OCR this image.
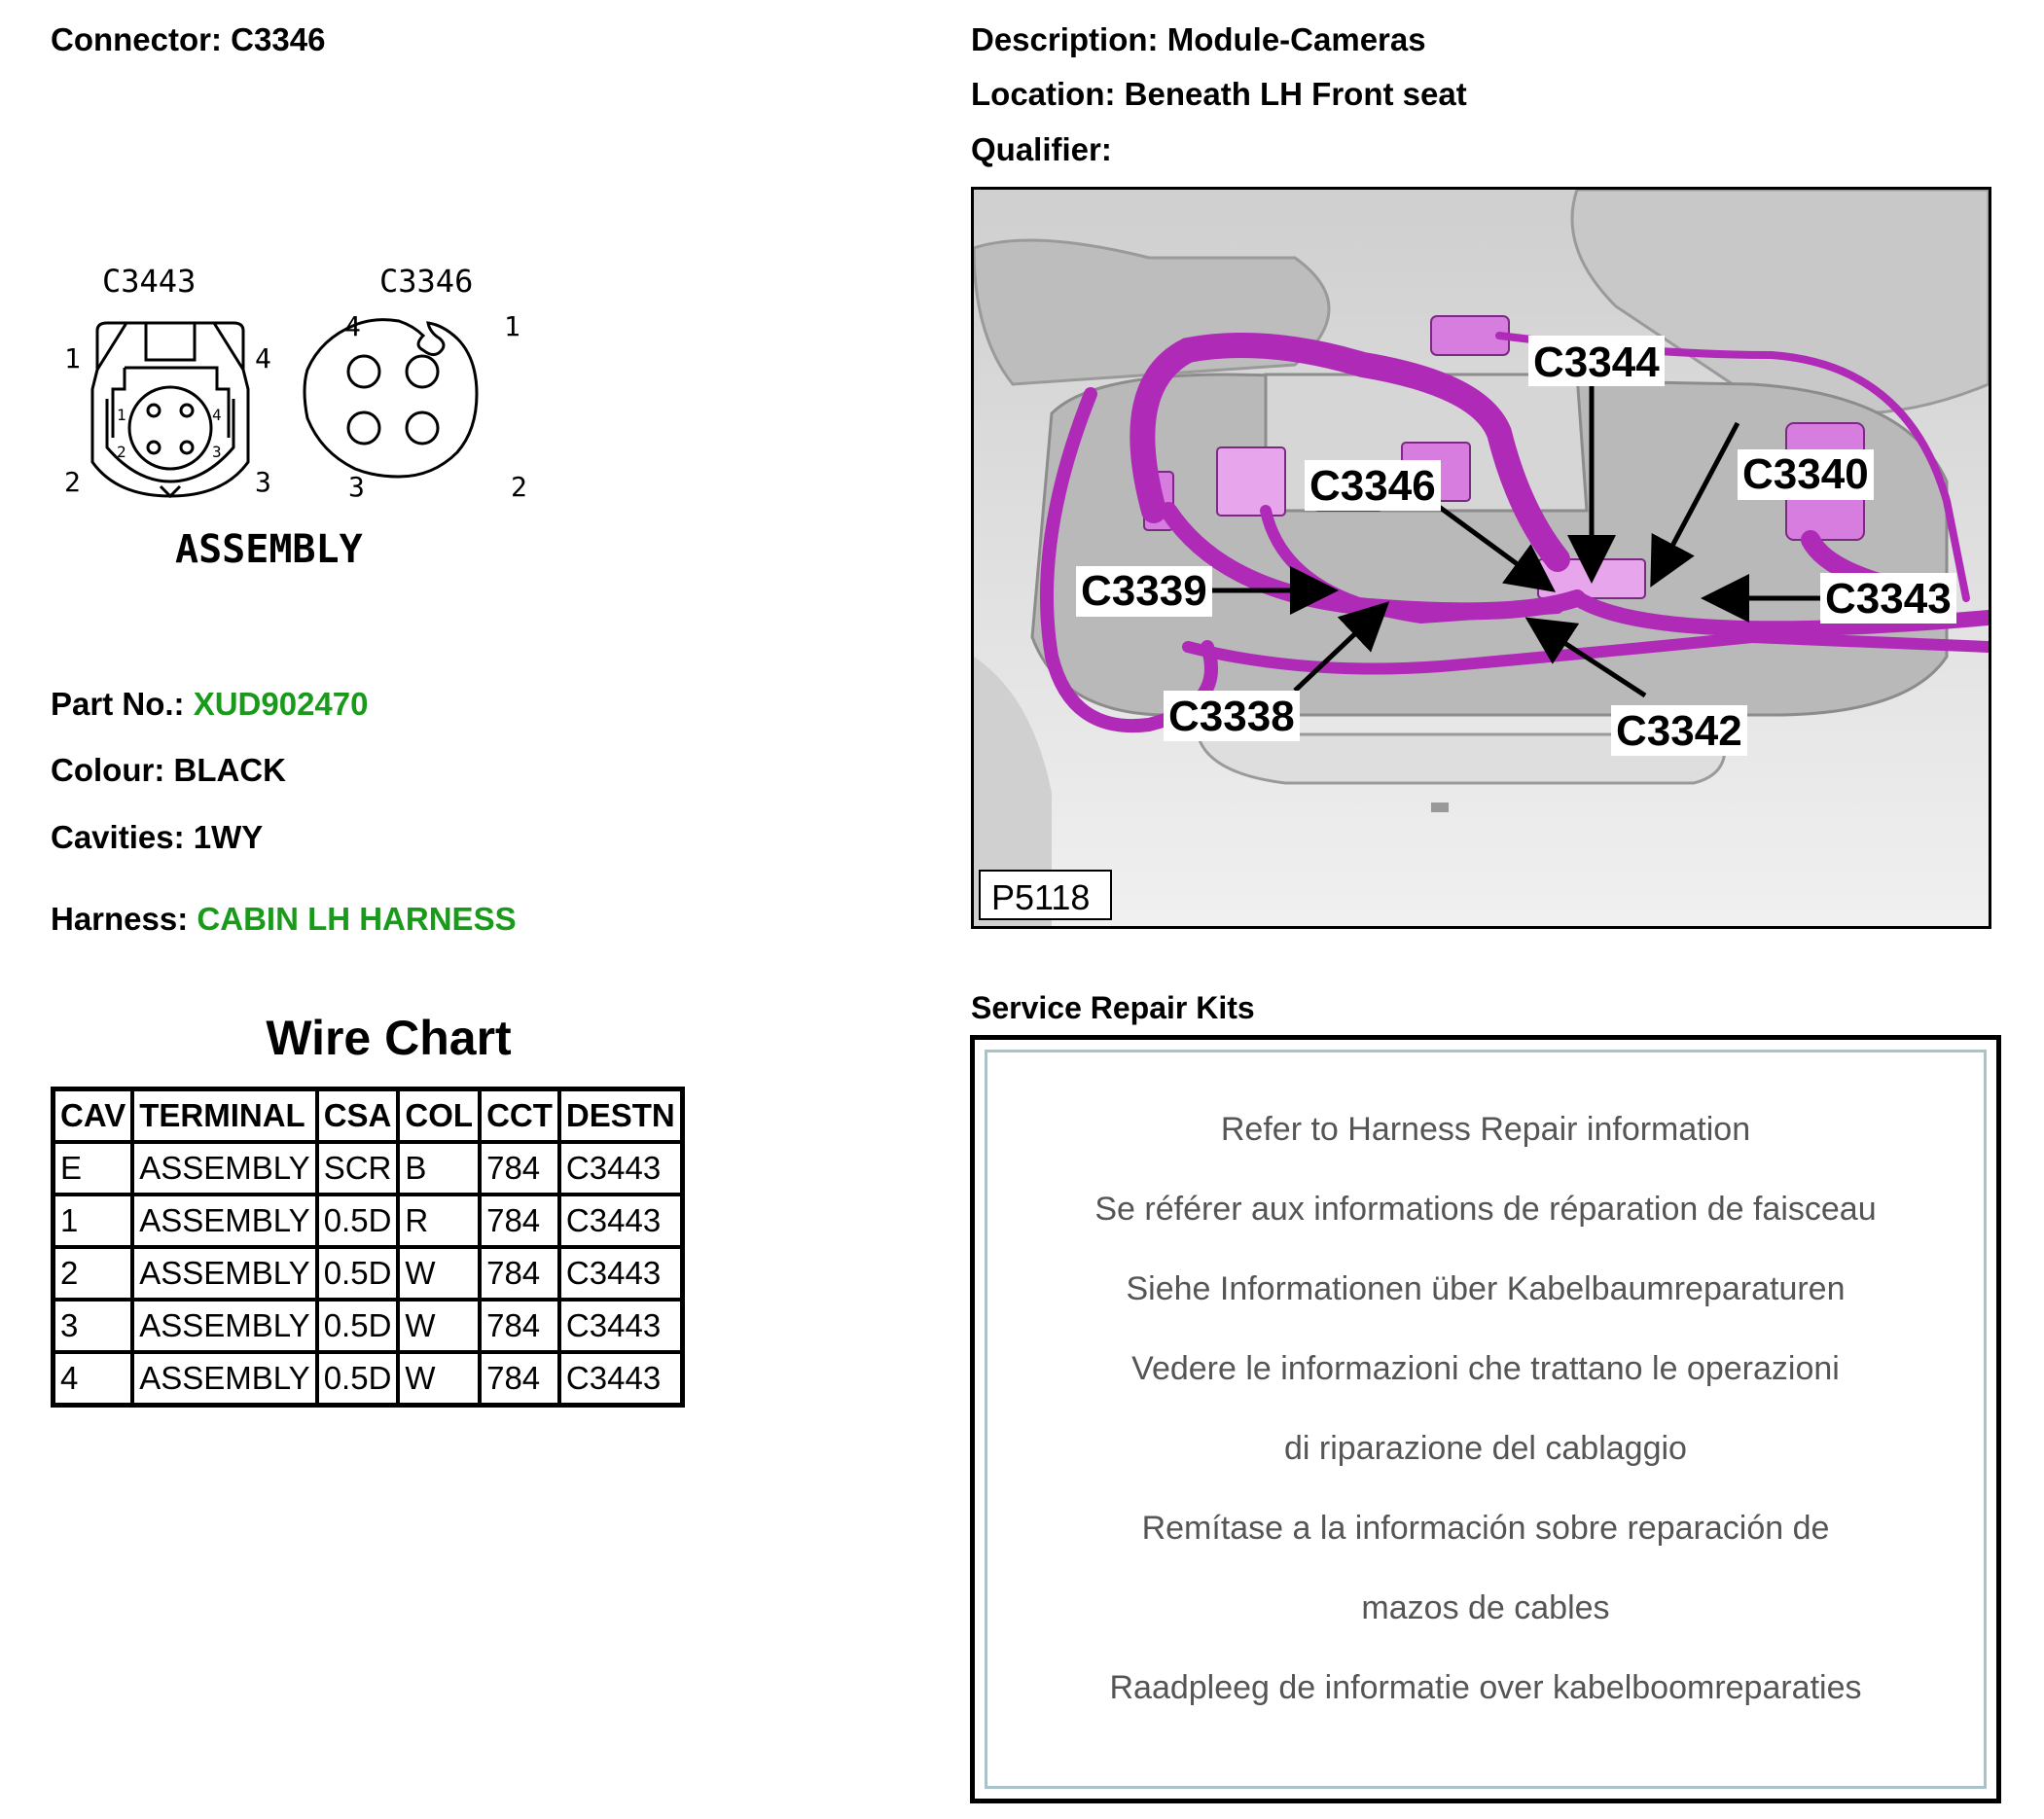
Connector: C3346
C3443	C3346
1	4
2	3
1	4
2	3
4	1
3	2
ASSEMBLY
Part No.: XUD902470
Colour: BLACK
Cavities: 1WY
Harness: CABIN LH HARNESS
Wire Chart
CAV	TERMINAL	CSA	COL	CCT	DESTN
E	ASSEMBLY	SCR	B	784	C3443
1	ASSEMBLY	0.5D	R	784	C3443
2	ASSEMBLY	0.5D	W	784	C3443
3	ASSEMBLY	0.5D	W	784	C3443
4	ASSEMBLY	0.5D	W	784	C3443
Description: Module-Cameras
Location: Beneath LH Front seat
Qualifier:
P5118
C3344
C3346	C3340
C3339	C3343
C3338	C3342
Service Repair Kits
Refer to Harness Repair information
Se référer aux informations de réparation de faisceau
Siehe Informationen über Kabelbaumreparaturen
Vedere le informazioni che trattano le operazioni
di riparazione del cablaggio
Remítase a la información sobre reparación de
mazos de cables
Raadpleeg de informatie over kabelboomreparaties
